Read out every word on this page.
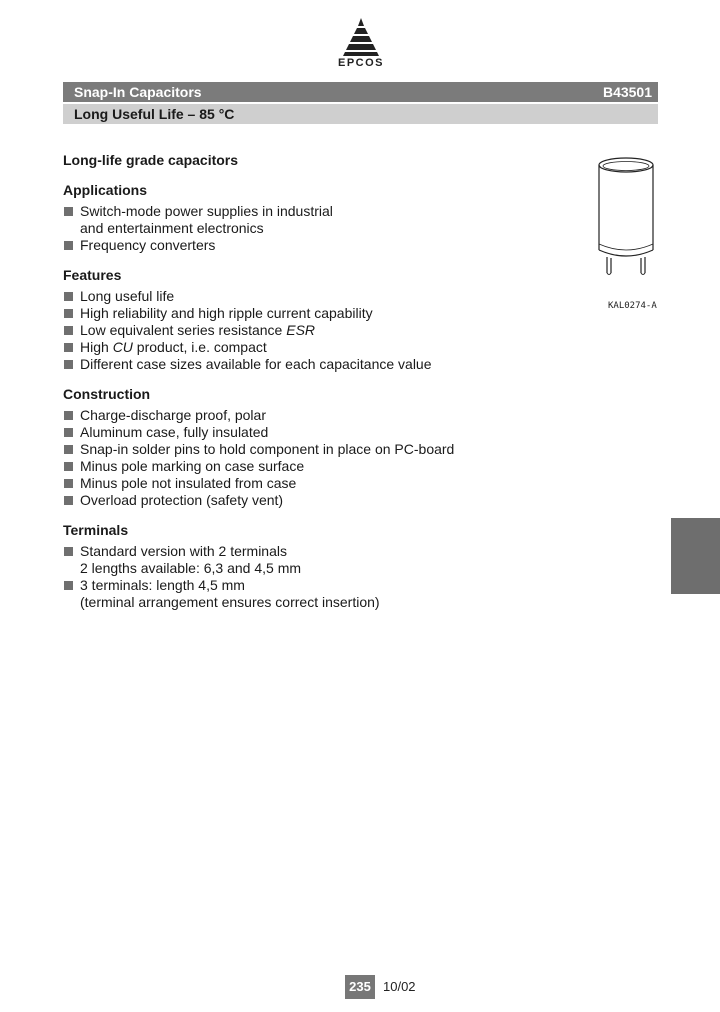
EPCOS
Snap-In Capacitors	B43501
Long Useful Life – 85 °C
Long-life grade capacitors
Applications
Switch-mode power supplies in industrial
and entertainment electronics
Frequency converters
Features
Long useful life
High reliability and high ripple current capability
Low equivalent series resistance ESR
High CU product, i.e. compact
Different case sizes available for each capacitance value
Construction
Charge-discharge proof, polar
Aluminum case, fully insulated
Snap-in solder pins to hold component in place on PC-board
Minus pole marking on case surface
Minus pole not insulated from case
Overload protection (safety vent)
Terminals
Standard version with 2 terminals
2 lengths available: 6,3 and 4,5 mm
3 terminals: length 4,5 mm
(terminal arrangement ensures correct insertion)
KAL0274-A
235 10/02
